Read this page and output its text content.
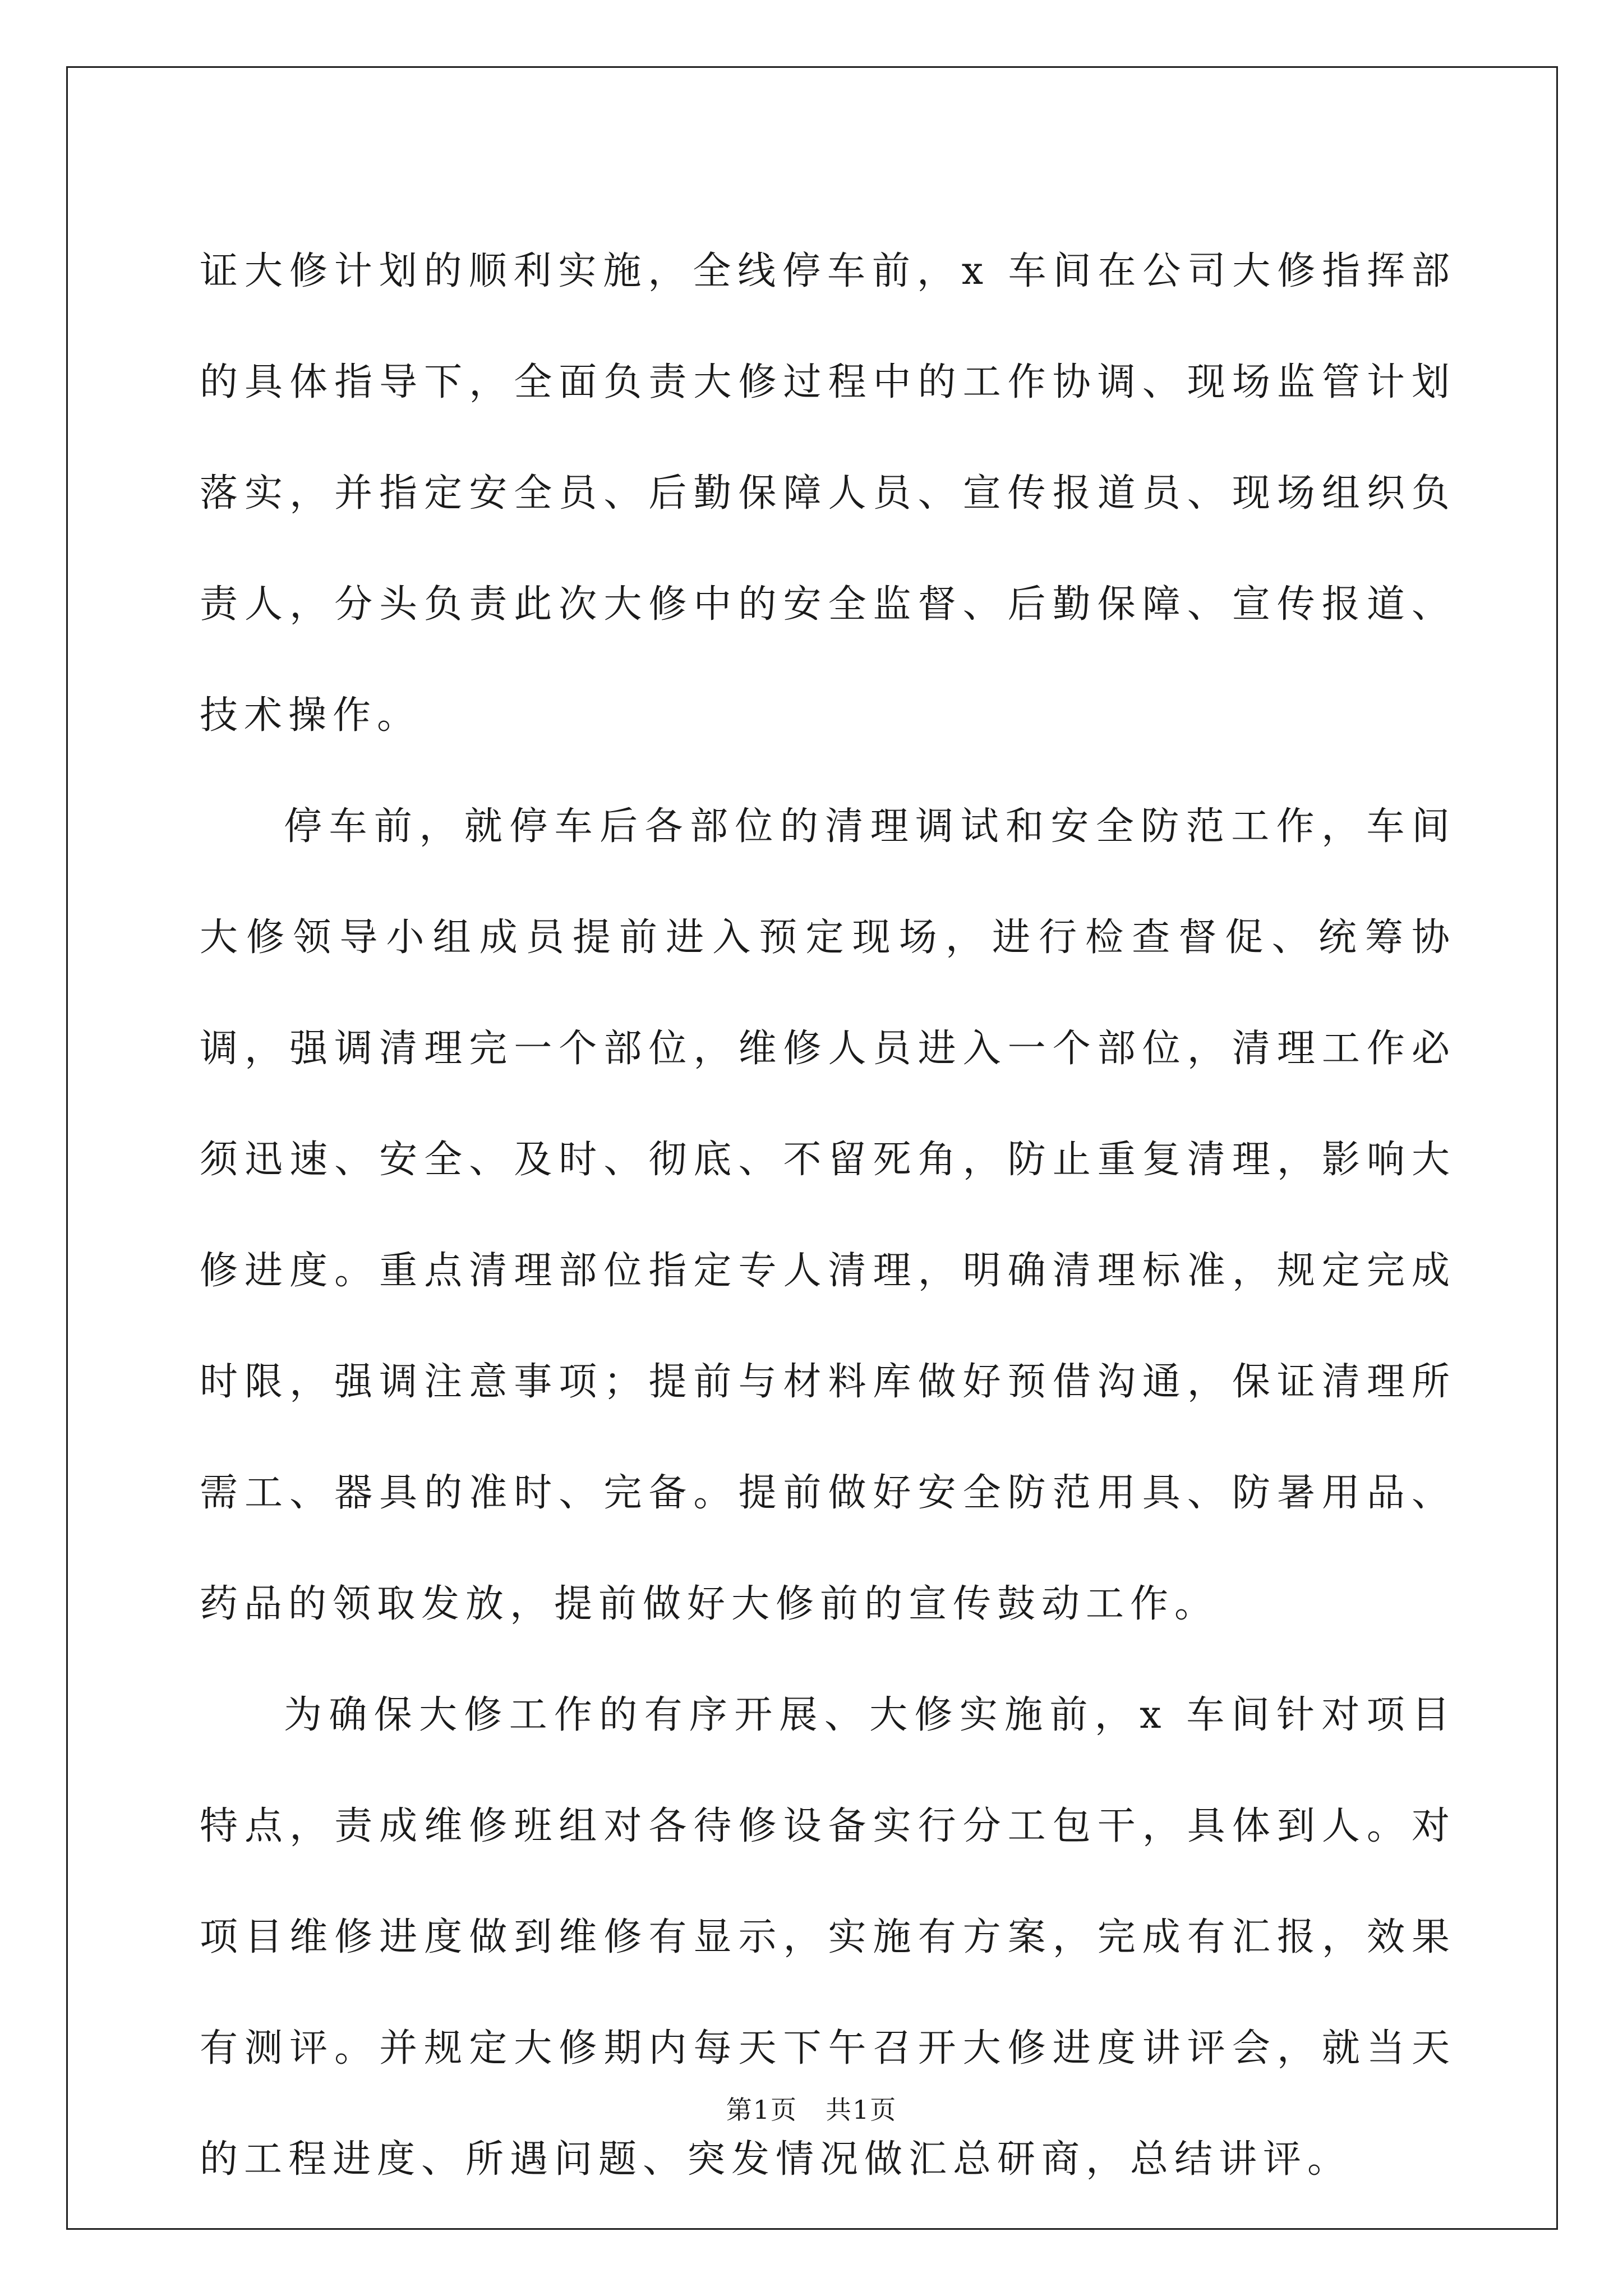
证大修计划的顺利实施，全线停车前，x 车间在公司大修指挥部的具体指导下，全面负责大修过程中的工作协调、现场监管计划落实，并指定安全员、后勤保障人员、宣传报道员、现场组织负责人，分头负责此次大修中的安全监督、后勤保障、宣传报道、技术操作。

停车前，就停车后各部位的清理调试和安全防范工作，车间大修领导小组成员提前进入预定现场，进行检查督促、统筹协调，强调清理完一个部位，维修人员进入一个部位，清理工作必须迅速、安全、及时、彻底、不留死角，防止重复清理，影响大修进度。重点清理部位指定专人清理，明确清理标准，规定完成时限，强调注意事项；提前与材料库做好预借沟通，保证清理所需工、器具的准时、完备。提前做好安全防范用具、防暑用品、药品的领取发放，提前做好大修前的宣传鼓动工作。

为确保大修工作的有序开展、大修实施前，x 车间针对项目特点，责成维修班组对各待修设备实行分工包干，具体到人。对项目维修进度做到维修有显示，实施有方案，完成有汇报，效果有测评。并规定大修期内每天下午召开大修进度讲评会，就当天的工程进度、所遇问题、突发情况做汇总研商，总结讲评。

第1页 共1页
